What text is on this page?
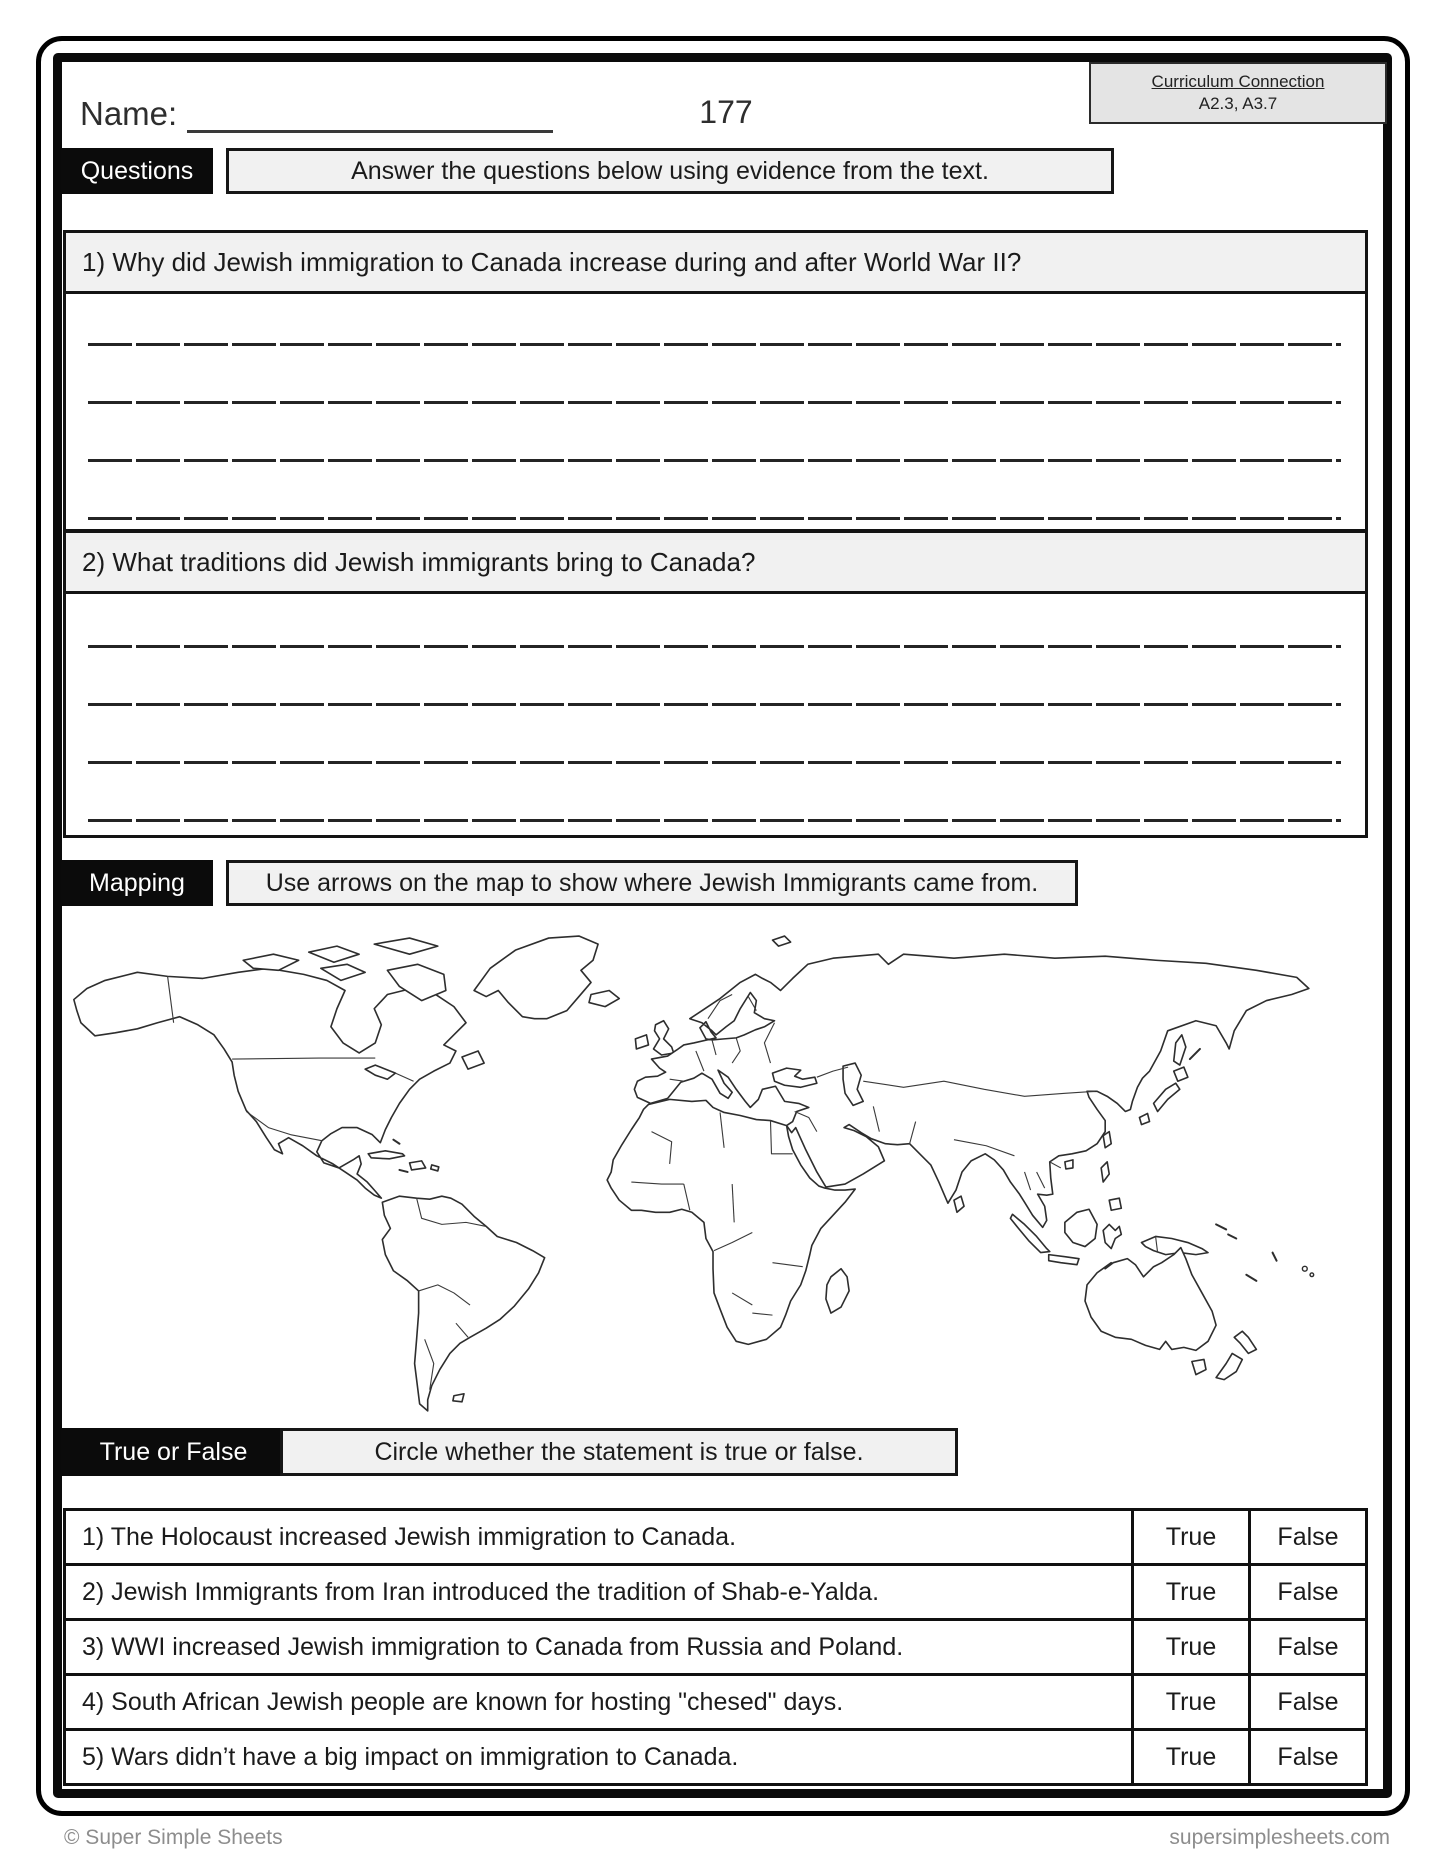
Name:	177
Curriculum Connection
A2.3, A3.7
Questions	Answer the questions below using evidence from the text.
1) Why did Jewish immigration to Canada increase during and after World War II?
2) What traditions did Jewish immigrants bring to Canada?
Mapping	Use arrows on the map to show where Jewish Immigrants came from.
True or False	Circle whether the statement is true or false.
1) The Holocaust increased Jewish immigration to Canada.	True	False
2) Jewish Immigrants from Iran introduced the tradition of Shab-e-Yalda.	True	False
3) WWI increased Jewish immigration to Canada from Russia and Poland.	True	False
4) South African Jewish people are known for hosting "chesed" days.	True	False
5) Wars didn’t have a big impact on immigration to Canada.	True	False
© Super Simple Sheets	supersimplesheets.com
